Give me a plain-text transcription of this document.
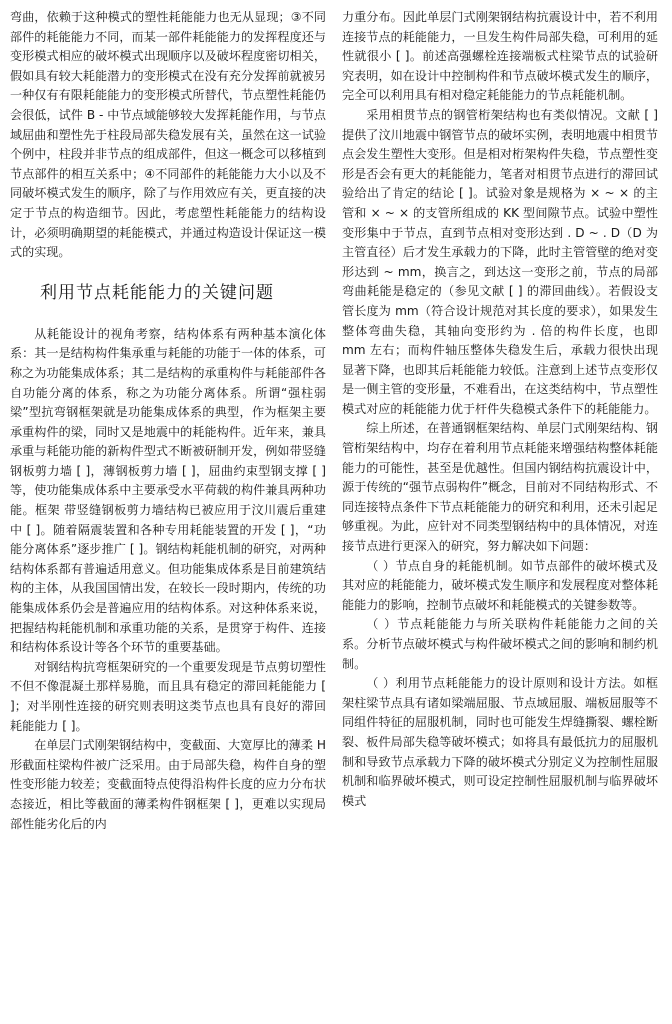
弯曲，依赖于这种模式的塑性耗能能力也无从显现；③不同部件的耗能能力不同，而某一部件耗能能力的发挥程度还与变形模式相应的破坏模式出现顺序以及破坏程度密切相关，假如具有较大耗能潜力的变形模式在没有充分发挥前就被另一种仅有有限耗能能力的变形模式所替代，节点塑性耗能仍会很低，试件 B - 中节点域能够较大发挥耗能作用，与节点域屈曲和塑性先于柱段局部失稳发展有关，虽然在这一试验个例中，柱段并非节点的组成部件，但这一概念可以移植到节点部件的相互关系中；④不同部件的耗能能力大小以及不同破坏模式发生的顺序，除了与作用效应有关，更直接的决定于节点的构造细节。因此，考虑塑性耗能能力的结构设计，必须明确期望的耗能模式，并通过构造设计保证这一模式的实现。

利用节点耗能能力的关键问题

从耗能设计的视角考察，结构体系有两种基本演化体系：其一是结构构件集承重与耗能的功能于一体的体系，可称之为功能集成体系；其二是结构的承重构件与耗能部件各自功能分离的体系，称之为功能分离体系。所谓“强柱弱梁”型抗弯钢框架就是功能集成体系的典型，作为框架主要承重构件的梁，同时又是地震中的耗能构件。近年来，兼具承重与耗能功能的新构件型式不断被研制开发，例如带竖缝钢板剪力墙 [ ]，薄钢板剪力墙 [ ]，屈曲约束型钢支撑 [ ] 等，使功能集成体系中主要承受水平荷载的构件兼具两种功能。框架 带竖缝钢板剪力墙结构已被应用于汶川震后重建中 [ ]。随着隔震装置和各种专用耗能装置的开发 [ ]，“功能分离体系”逐步推广 [ ]。钢结构耗能机制的研究，对两种结构体系都有普遍适用意义。但功能集成体系是目前建筑结构的主体，从我国国情出发，在较长一段时期内，传统的功能集成体系仍会是普遍应用的结构体系。对这种体系来说，把握结构耗能机制和承重功能的关系，是贯穿于构件、连接和结构体系设计等各个环节的重要基础。

对钢结构抗弯框架研究的一个重要发现是节点剪切塑性不但不像混凝土那样易脆，而且具有稳定的滞回耗能能力 [ ]；对半刚性连接的研究则表明这类节点也具有良好的滞回耗能能力 [ ]。

在单层门式刚架钢结构中，变截面、大宽厚比的薄柔 H 形截面柱梁构件被广泛采用。由于局部失稳，构件自身的塑性变形能力较差；变截面特点使得沿构件长度的应力分布状态接近，相比等截面的薄柔构件钢框架 [ ]，更难以实现局部性能劣化后的内

力重分布。因此单层门式刚架钢结构抗震设计中，若不利用连接节点的耗能能力，一旦发生构件局部失稳，可利用的延性就很小 [ ]。前述高强螺栓连接端板式柱梁节点的试验研究表明，如在设计中控制构件和节点破坏模式发生的顺序，完全可以利用具有相对稳定耗能能力的节点耗能机制。

采用相贯节点的钢管桁架结构也有类似情况。文献 [ ] 提供了汶川地震中钢管节点的破坏实例，表明地震中相贯节点会发生塑性大变形。但是相对桁架构件失稳，节点塑性变形是否会有更大的耗能能力，笔者对相贯节点进行的滞回试验给出了肯定的结论 [ ]。试验对象是规格为 × ~ × 的主管和 × ~ × 的支管所组成的 KK 型间隙节点。试验中塑性变形集中于节点，直到节点相对变形达到 . D ~ . D（D 为主管直径）后才发生承载力的下降，此时主管管壁的绝对变形达到 ~ mm，换言之，到达这一变形之前，节点的局部弯曲耗能是稳定的（参见文献 [ ] 的滞回曲线）。若假设支管长度为 mm（符合设计规范对其长度的要求），如果发生整体弯曲失稳，其轴向变形约为 . 倍的构件长度，也即 mm 左右；而构件轴压整体失稳发生后，承载力很快出现显著下降，也即其后耗能能力较低。注意到上述节点变形仅是一侧主管的变形量，不难看出，在这类结构中，节点塑性模式对应的耗能能力优于杆件失稳模式条件下的耗能能力。

综上所述，在普通钢框架结构、单层门式刚架结构、钢管桁架结构中，均存在着利用节点耗能来增强结构整体耗能能力的可能性，甚至是优越性。但国内钢结构抗震设计中，源于传统的“强节点弱构件”概念，目前对不同结构形式、不同连接特点条件下节点耗能能力的研究和利用，还未引起足够重视。为此，应针对不同类型钢结构中的具体情况，对连接节点进行更深入的研究，努力解决如下问题：

（ ）节点自身的耗能机制。如节点部件的破坏模式及其对应的耗能能力，破坏模式发生顺序和发展程度对整体耗能能力的影响，控制节点破坏和耗能模式的关键参数等。

（ ）节点耗能能力与所关联构件耗能能力之间的关系。分析节点破坏模式与构件破坏模式之间的影响和制约机制。

（ ）利用节点耗能能力的设计原则和设计方法。如框架柱梁节点具有诸如梁端屈服、节点域屈服、端板屈服等不同组件特征的屈服机制，同时也可能发生焊缝撕裂、螺栓断裂、板件局部失稳等破坏模式；如将具有最低抗力的屈服机制和导致节点承载力下降的破坏模式分别定义为控制性屈服机制和临界破坏模式，则可设定控制性屈服机制与临界破坏模式
